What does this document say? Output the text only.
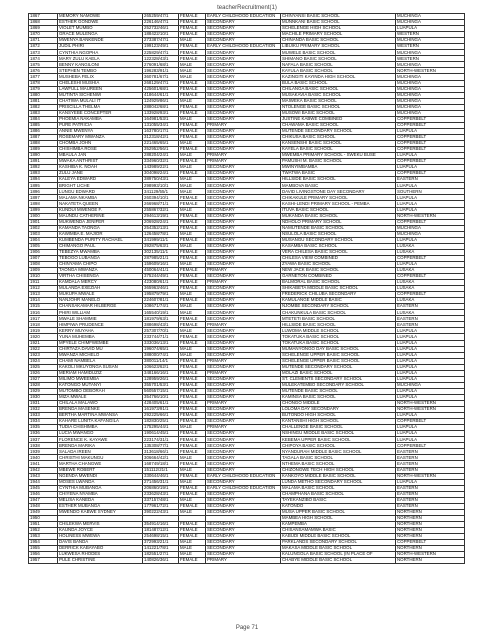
teacherRecruitment(1)
1867	MEMORY NAMOWE	265259/47/1	FEMALE	EARLY CHILDHOOD EDUCATION	CHINYANSI BASIC SCHOOL	MUCHINGA
1868	ESTHER GONDWE	226146/47/1	FEMALE	SECONDARY	MUNNKANI BASIC SCHOOL	MUCHINGA
1869	VIOLET MUMBO	252732/46/1	FEMALE	SECONDARY	SCHELENGE HIGH SCHOOL	LUAPULA
1870	GRACE MULENGA	188422/10/1	FEMALE	SECONDARY	MACHILE PRIMARY SCHOOL	WESTERN
1871	MWENYA BANKENDE	273387/47/1	MALE	SECONDARY	CHINANDA BASIC SCHOOL	MUCHINGA
1872	JUDIL PHIRI	199123/49/1	FEMALE	EARLY CHILDHOOD EDUCATION	LIBUIKU PRIMARY SCHOOL	WESTERN
1873	CYNTHIA NGOPHA	225829/47/1	FEMALE	SECONDARY	MUWELE BASIC SCHOOL	MUCHINGA
1874	MARY ZULU KAELA	122328/43/1	FEMALE	SECONDARY	SHIMANO BASIC SCHOOL	WESTERN
1875	BENNY KANGILONI	276091/68/1	MALE	SECONDARY	NAFALA BASIC SCHOOL	MUCHINGA
1876	STEPHEN TEMBO	196283/91/1	MALE	SECONDARY	KAYULA BASIC SCHOOL	NORTH-WESTERN
1877	MUSHEBA FELIX	360781/67/1	MALE	SECONDARY	KAZINGITI KAYINDA HIGH SCHOOL	MUCHINGA
1878	CHELESHI MUSHIA	268129/47/1	FEMALE	SECONDARY	BULA BASIC SCHOOL	MUCHINGA
1879	LAWFULL MAUREEN	425601/68/1	FEMALE	SECONDARY	CHILANGA BASIC SCHOOL	MUCHINGA
1880	MUTINTA SICHENWI	418644/61/1	FEMALE	SECONDARY	MUSAKAVIA BASIC SCHOOL	MUCHINGA
1881	CHATIWA MULALI IT	124929/86/1	MALE	SECONDARY	MAIWEKA BASIC SCHOOL	MUCHINGA
1882	PRISCILLA THELMA	288042/68/1	FEMALE	SECONDARY	NTOLENGE BASIC SCHOOL	MUCHINGA
1883	KANSYEBE CONCEPTER	133928/93/1	FEMALE	SECONDARY	MUSOWI BASIC SCHOOL	MUCHINGA
1884	PHOEMIA NAKAMBA	164981/53/1	MALE	SECONDARY	JUSTINE KABWE COMBINED	COPPERBELT
1885	PURE PATRICIA	131055/34/1	FEMALE	PRIMARY	CHAWAMA BASIC SCHOOL	COPPERBELT
1886	ANNIE MWENYA	163780/17/1	FEMALE	SECONDARY	MUTENDE SECONDARY SCHOOL	LUAPULA
1887	ROSEMARY MWANZA	312318/42/1	FEMALE	SECONDARY	CHIKUSA BASIC SCHOOL	COPPERBELT
1888	CHOMBA JOHN	221465/65/1	MALE	SECONDARY	KANSENSHI BASIC SCHOOL	COPPERBELT
1889	CHISHIMBA ROSE	352952/56/1	FEMALE	SECONDARY	KAYELA BASIC SCHOOL	COPPERBELT
1890	MBAULA JAN	288204/24/1	MALE	PRIMARY	MWEMBA PRIMARY SCHOOL - SWEKU BUSE	LUAPULA
1891	MWAKA ANTHRIST	334960/32/1	FEMALE	PRIMARY	PAMUSHI M. BASIC SCHOOL	COPPERBELT
1892	KASHIBA K. NOAH	143989/22/1	MALE	SECONDARY	MWINYIMBAMBA	LUAPULA
1893	ZULU JANE	304098/24/1	FEMALE	SECONDARY	TWATWA BASIC	COPPERBELT
1894	KALEYA EDWARD	389750/43/1	MALE	SECONDARY	HILLSIDE BASIC SCHOOL	EASTERN
1895	BRIGHT LICHE	298993/10/1	MALE	SECONDARY	MAMBOVA BASIC	LUAPULA
1896	LUNGU EDWARD	341129/55/1	MALE	SECONDARY	DAVID LIVINGSTONE DAY SECONDARY	SOUTHERN
1897	MALAMA NKAMBA	260394/10/1	FEMALE	SECONDARY	CHIKAKULE PRIMARY SCHOOL	LUAPULA
1898	NAKATETA QUEEN	266968/71/1	FEMALE	SECONDARY	KASHI-LENDI PRIMARY SCHOOL - PEMBA	LUAPULA
1899	KUNDUI MWENGE F.	255867/32/1	MALE	SECONDARY	ITUVA BASIC SCHOOL	LUAPULA
1900	MAUNDU CATHERINE	294613/19/1	FEMALE	SECONDARY	MUKANDA BASIC SCHOOL	NORTH-WESTERN
1901	MUKWENDA JENIFER	206928/24/1	FEMALE	SECONDARY	NDHOLO PRIMARY SCHOOL	COPPERBELT
1902	KAMANDA TAONGA	254352/13/1	FEMALE	SECONDARY	NAMUTENDE BASIC SCHOOL	MUCHINGA
1903	KAWIMBA E. MAJIOR	126458/78/1	MALE	SECONDARY	NSULOLA BASIC SCHOOL	MUCHINGA
1904	KUMBENDA PURITY RACHAEL	341999/11/1	FEMALE	SECONDARY	MUSANGU SECONDARY SCHOOL	LUAPULA
1905	CHIMANGO PAUL	392875/63/1	MALE	SECONDARY	KASAMBA BASIC SCHOOL	LUSAKA
1906	TEBEZYA MWAMBA	302135/11/1	FEMALE	SECONDARY	VERA CHILESA BASIC SCHOOL	LUSAKA
1907	TEBOGO LUBANGA	287985/21/1	FEMALE	SECONDARY	CHILESA VIEW COMBINED	COPPERBELT
1908	CHINYAMA CHIPO	159609/16/1	MALE	SECONDARY	ZYAWA BASIC SCHOOL	LUAPULA
1909	TAONGA MWANZA	450064/41/1	FEMALE	PRIMARY	NEW JACK BASIC SCHOOL	LUSAKA
1910	VIRTHA CHISENGA	375244/49/1	FEMALE	SECONDARY	GARNETON COMBINED	COPPERBELT
1911	KAMDALA MERCY	423080/61/1	FEMALE	PRIMARY	BALMORAL BASIC SCHOOL	LUSAKA
1912	MULANDA EXEZIAH	365963/46/1	FEMALE	SECONDARY	SHIKABETA MIDDLE BASIC SCHOOL	LUSAKA
1913	MUKUPA MWALE	195879/79/1	MALE	SECONDARY	FREDERICK CHILUBA SECONDARY	COPPERBELT
1914	NANJOHR MANELO	224607/81/1	FEMALE	SECONDARY	KAMULANGE MIDDLE BASIC	LUSAKA
1915	CHANSAKAMAR HILBERGE	108671/74/1	MALE	SECONDARY	NJOMBE SECONDARY SCHOOL	EASTERN
1916	PHIRI WILLIAM	165540/19/1	MALE	SECONDARY	CHAKUNKULA BASIC SCHOOL	LUSAKA
1917	MWALE SHAMMIE	181979/63/1	FEMALE	SECONDARY	MTETETI BASIC SCHOOL	EASTERN
1918	HIMPIWA PRUDENCE	388698/43/1	FEMALE	PRIMARY	HILLSIDE BASIC SCHOOL	EASTERN
1919	KERRY MUYAHA	257307/70/1	MALE	SECONDARY	LUWOMA MIDDLE SCHOOL	LUAPULA
1920	YUNA MUHEMBA	233744/71/1	FEMALE	SECONDARY	TOKATUKA BASIC SCHOOL	LUAPULA
1921	MPYELE CHIMFWEMBE	333036/13/1	FEMALE	SECONDARY	TOKATUKA BASIC SCHOOL	LUAPULA
1922	CHIRTAZA DAVID MU	196074/65/1	MALE	SECONDARY	MUMANYONGO DAY BASIC SCHOOL	LUAPULA
1923	MWANZA MICHELO	388000/74/1	MALE	SECONDARY	SCHELENGE UPPER BASIC SCHOOL	LUAPULA
1924	CHAMI NAMBELA	380011/14/1	FEMALE	PRIMARY	SCHELENGE UPPER BASIC SCHOOL	LUAPULA
1925	KAKOLI MKUYONGA SUSAN	106623/62/1	FEMALE	SECONDARY	MUTENDE SECONDARY SCHOOL	LUAPULA
1926	MERIAM HAMIDUZIZ	348166/16/1	FEMALE	PRIMARY	MOLAZI BASIC SCHOOL	LUAPULA
1927	MILIMO MWEEMBA	128959/26/1	FEMALE	SECONDARY	ST. CLEMENTS SECONDARY SCHOOL	LUAPULA
1928	KATONGO MUTANYI	355701/53/1	FEMALE	SECONDARY	MULEKATEMBO SECONDARY SCHOOL	MUCHINGA
1929	MUTOMBO DEBORAH	560557/15/1	FEMALE	SECONDARY	MUTENDE BASIC SCHOOL	LUAPULA
1930	MIZA MWALE	354766/10/1	FEMALE	SECONDARY	KAMINSA BASIC SCHOOL	LUAPULA
1931	CHILALA MALAWO	428405/61/1	FEMALE	PRIMARY	CHONGO MIDDLE	NORTH-WESTERN
1932	BRENDA MASENKE	161973/91/1	FEMALE	SECONDARY	LOLOMA DAY SECONDARY	NORTH-WESTERN
1933	BERTHA MARTINA MWANSA	292225/66/1	FEMALE	SECONDARY	BUTONDO HIGH SCHOOL	LUAPULA
1934	KAHARE LUNITA KAFANGILA	182830/25/1	FEMALE	SECONDARY	KANTANSHI HIGH SCHOOL	COPPERBELT
1935	TUDIA CHISHIMBA	175295/44/1	MALE	PRIMARY	CHALLENGE BASIC SCHOOL	LUAPULA
1936	LUCIA MWANGO	190614/45/1	FEMALE	SECONDARY	NSHINGU MIDDLE BASIC SCHOOL	LUAPULA
1937	FLORENCE K. KAYAWE	223174/31/1	FEMALE	SECONDARY	KEBEMA UPPER BASIC SCHOOL	LUAPULA
1938	BRENDA MARIKA	135308/77/1	FEMALE	SECONDARY	CHIPOYA BASIC SCHOOL	COPPERBELT
1939	SALADA IREEN	313618/66/1	FEMALE	SECONDARY	NYANDURAH MIDDLE BASIC SCHOOL	EASTERN
1940	CHRISTHI MAKUNGU	306664/42/1	MALE	SECONDARY	TAGALA BASIC SCHOOL	EASTERN
1941	MARTHA CHANGWE	168749/18/1	FEMALE	SECONDARY	NTHEMA BASIC SCHOOL	EASTERN
1942	MBEWE ROBERT	151112/21/1	MALE	SECONDARY	CHIZONGWE TECH HIGH SCHOOL	EASTERN
1943	NGENDA MWENDI	330644/46/1	FEMALE	EARLY CHILDHOOD EDUCATION	KANKOYO MIDDLE BASIC SCHOOL	NORTH-WESTERN
1944	MOSES LWANDA	271456/31/1	MALE	SECONDARY	LUNDA METHO SECONDARY SCHOOL	LUAPULA
1945	CYNTHIA MUBANGA	206860/19/1	FEMALE	EARLY CHILDHOOD EDUCATION	MALAMA BASIC SCHOOL	EASTERN
1946	CHIYENA NYAMBA	233628/43/1	FEMALE	SECONDARY	CHAMPHANA BASIC SCHOOL	EASTERN
1947	MELISA KANEDA	337157/48/1	MALE	SECONDARY	TAYEKANZIBO BASIC	EASTERN
1948	ESTHER MUBANGA	177961/72/1	FEMALE	SECONDARY	KATONDO	EASTERN
1949	MWENDO KABWE SYDNEY	390222/43/1	MALE	SECONDARY	MUSA UPPER BASIC SCHOOL	NORTHERN
1950					MAMBEA HIGH SCHOOL	NORTHERN
1951	CHILEKWA MERVIS	354914/16/1	FEMALE	SECONDARY	KAMPEMBA	NORTHERN
1952	KAUNDA JOYCE	181487/12/1	FEMALE	SECONDARY	CHISANSAMAMWA BASIC	NORTHERN
1953	HOLINESS MWEWA	254698/15/1	FEMALE	SECONDARY	KABUDI MIDDLE BASIC SCHOOL	NORTHERN
1954	DAVIS BANDA	372993/21/1	MALE	SECONDARY	PARKLANDS SECONDARY SCHOOL	COPPERBELT
1955	DERRICK KABAYABO	141221/78/1	MALE	SECONDARY	MAKASA MIDDLE BASIC SCHOOL	NORTHERN
1956	LUKWESA RHODES	182551/27/1	MALE	SECONDARY	KALUNGOLA BASIC SCHOOL (IN PLACE OF	NORTH-WESTERN
1957	PULE CHRISTINE	140826/36/1	FEMALE	PRIMARY	CHABYE MIDDLE BASIC SCHOOL	NORTHERN
Page 71
